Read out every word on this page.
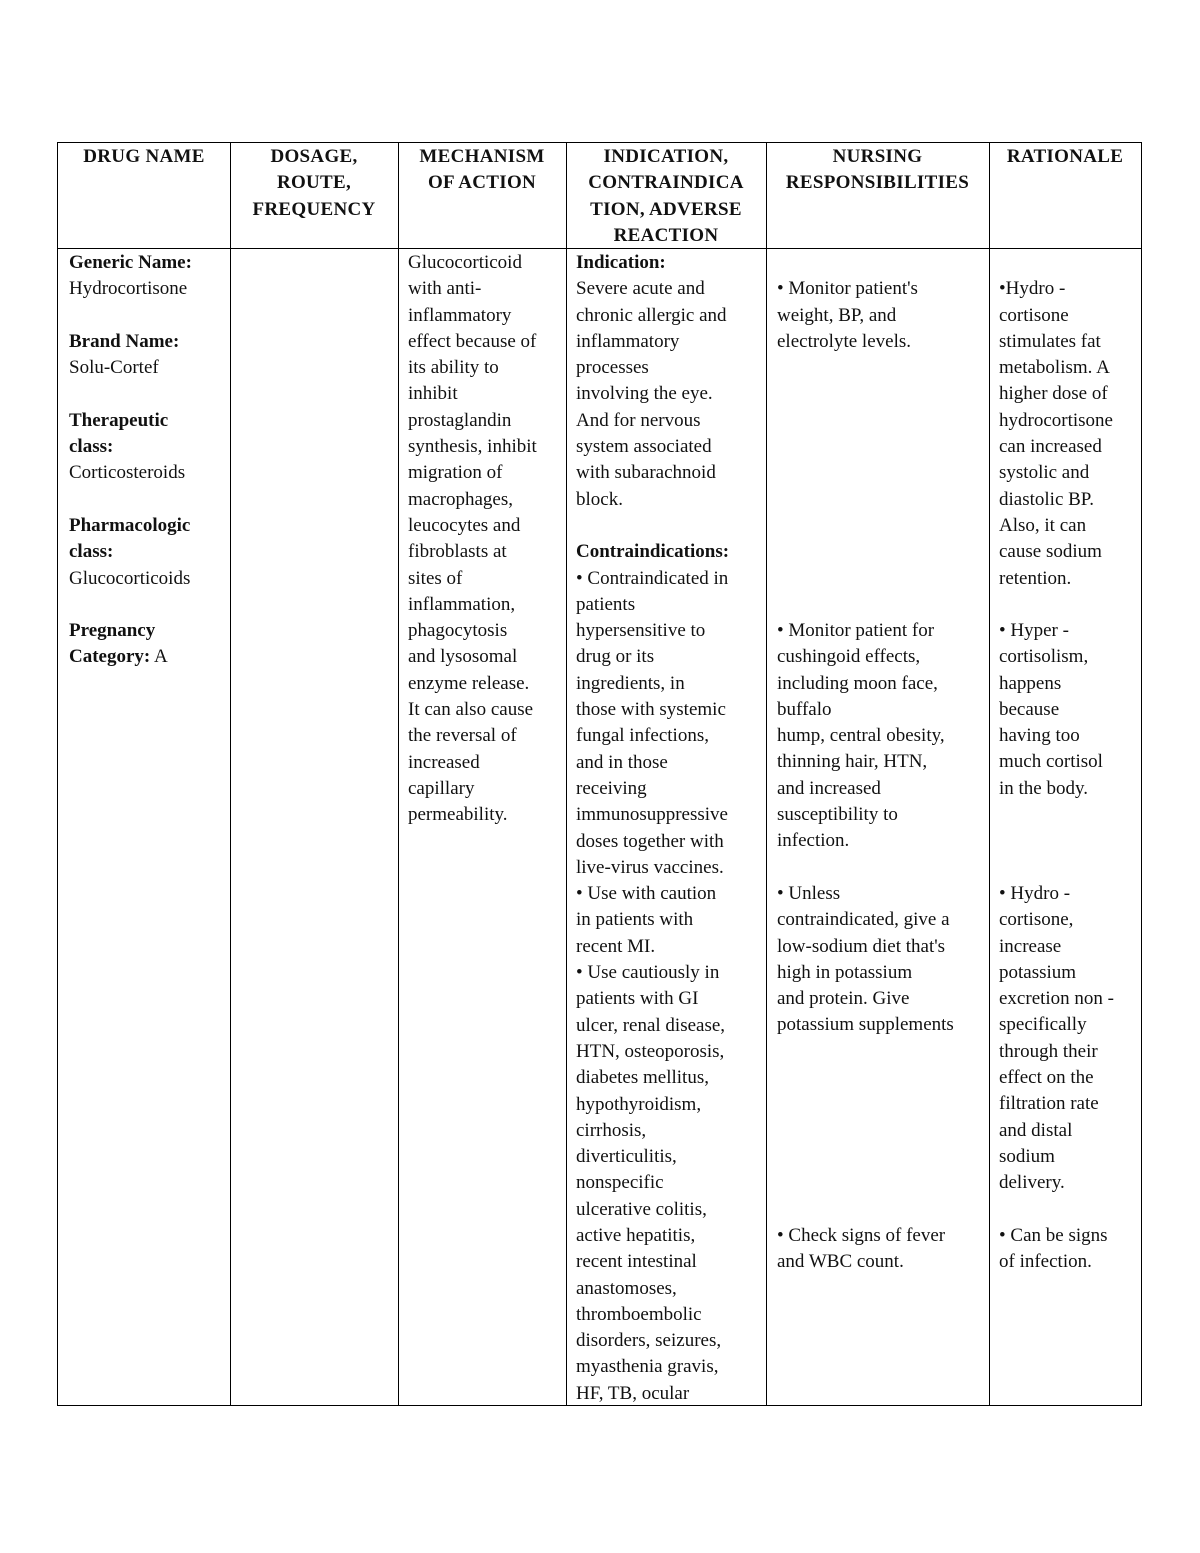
DRUG NAME	DOSAGE,
ROUTE,
FREQUENCY
MECHANISM
OF ACTION
INDICATION,
CONTRAINDICA
TION, ADVERSE
REACTION
NURSING
RESPONSIBILITIES
RATIONALE
Generic Name:
Hydrocortisone
Brand Name:
Solu-Cortef
Therapeutic
class:
Corticosteroids
Pharmacologic
class:
Glucocorticoids
Pregnancy
Category: A
Glucocorticoid
with anti-
inflammatory
effect because of
its ability to
inhibit
prostaglandin
synthesis, inhibit
migration of
macrophages,
leucocytes and
fibroblasts at
sites of
inflammation,
phagocytosis
and lysosomal
enzyme release.
It can also cause
the reversal of
increased
capillary
permeability.
Indication:
Severe acute and
chronic allergic and
inflammatory
processes
involving the eye.
And for nervous
system associated
with subarachnoid
block.
Contraindications:
• Contraindicated in
patients
hypersensitive to
drug or its
ingredients, in
those with systemic
fungal infections,
and in those
receiving
immunosuppressive
doses together with
live-virus vaccines.
• Use with caution
in patients with
recent MI.
• Use cautiously in
patients with GI
ulcer, renal disease,
HTN, osteoporosis,
diabetes mellitus,
hypothyroidism,
cirrhosis,
diverticulitis,
nonspecific
ulcerative colitis,
active hepatitis,
recent intestinal
anastomoses,
thromboembolic
disorders, seizures,
myasthenia gravis,
HF, TB, ocular
• Monitor patient's
weight, BP, and
electrolyte levels.
• Monitor patient for
cushingoid effects,
including moon face,
buffalo
hump, central obesity,
thinning hair, HTN,
and increased
susceptibility to
infection.
• Unless
contraindicated, give a
low-sodium diet that's
high in potassium
and protein. Give
potassium supplements
• Check signs of fever
and WBC count.
•Hydro -
cortisone
stimulates fat
metabolism. A
higher dose of
hydrocortisone
can increased
systolic and
diastolic BP.
Also, it can
cause sodium
retention.
• Hyper -
cortisolism,
happens
because
having too
much cortisol
in the body.
• Hydro -
cortisone,
increase
potassium
excretion non -
specifically
through their
effect on the
filtration rate
and distal
sodium
delivery.
• Can be signs
of infection.
